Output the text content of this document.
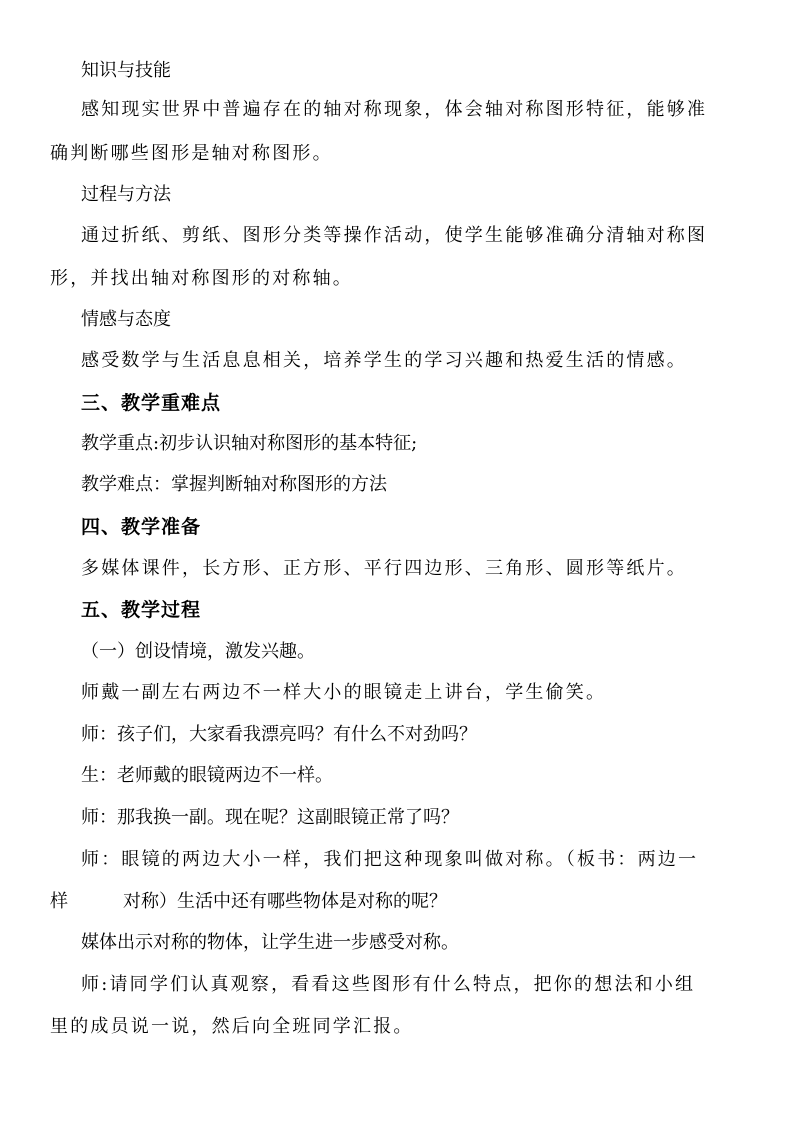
知识与技能
感知现实世界中普遍存在的轴对称现象，体会轴对称图形特征，能够准
确判断哪些图形是轴对称图形。
过程与方法
通过折纸、剪纸、图形分类等操作活动，使学生能够准确分清轴对称图
形，并找出轴对称图形的对称轴。
情感与态度
感受数学与生活息息相关，培养学生的学习兴趣和热爱生活的情感。
三、教学重难点
教学重点:初步认识轴对称图形的基本特征;
教学难点：掌握判断轴对称图形的方法
四、教学准备
多媒体课件，长方形、正方形、平行四边形、三角形、圆形等纸片。
五、教学过程
（一）创设情境，激发兴趣。
师戴一副左右两边不一样大小的眼镜走上讲台，学生偷笑。
师：孩子们，大家看我漂亮吗？有什么不对劲吗？
生：老师戴的眼镜两边不一样。
师：那我换一副。现在呢？这副眼镜正常了吗？
师：眼镜的两边大小一样，我们把这种现象叫做对称。（板书：两边一
样	对称）生活中还有哪些物体是对称的呢？
媒体出示对称的物体，让学生进一步感受对称。
师:请同学们认真观察，看看这些图形有什么特点，把你的想法和小组
里的成员说一说，然后向全班同学汇报。
